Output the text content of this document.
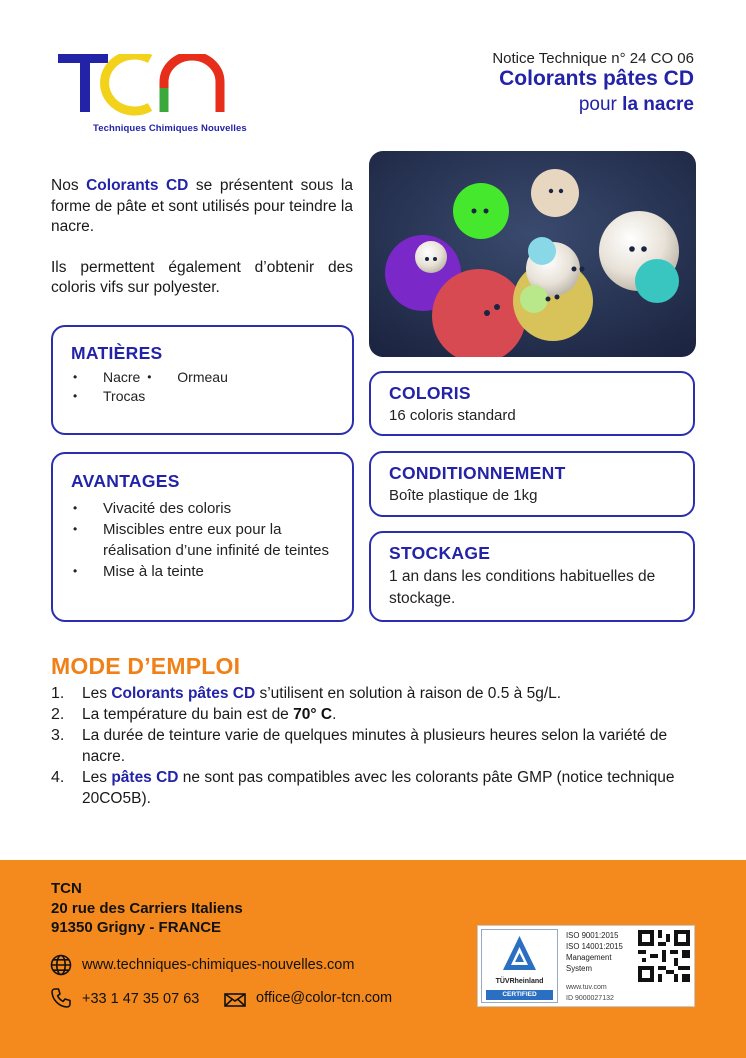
Techniques Chimiques Nouvelles
Notice Technique n° 24 CO 06
Colorants pâtes CD
pour la nacre

Nos Colorants CD se présentent sous la forme de pâte et sont utilisés pour teindre la nacre.

Ils permettent également d’obtenir des coloris vifs sur polyester.

MATIÈRES
• Nacre
• Trocas
• Ormeau
AVANTAGES
• Vivacité des coloris
• Miscibles entre eux pour la réalisation d’une infinité de teintes
• Mise à la teinte
COLORIS
16 coloris standard
CONDITIONNEMENT
Boîte plastique de 1kg
STOCKAGE
1 an dans les conditions habituelles de stockage.
MODE D’EMPLOI
1.	Les Colorants pâtes CD s’utilisent en solution à raison de 0.5 à 5g/L.
2.	La température du bain est de 70° C.
3.	La durée de teinture varie de quelques minutes à plusieurs heures selon la variété de nacre.
4.	Les pâtes CD ne sont pas compatibles avec les colorants pâte GMP (notice technique 20CO5B).
TCN
20 rue des Carriers Italiens
91350 Grigny - FRANCE
www.techniques-chimiques-nouvelles.com
+33 1 47 35 07 63	office@color-tcn.com
TÜVRheinland
CERTIFIED
ISO 9001:2015
ISO 14001:2015
Management
System
www.tuv.com
ID 9000027132
